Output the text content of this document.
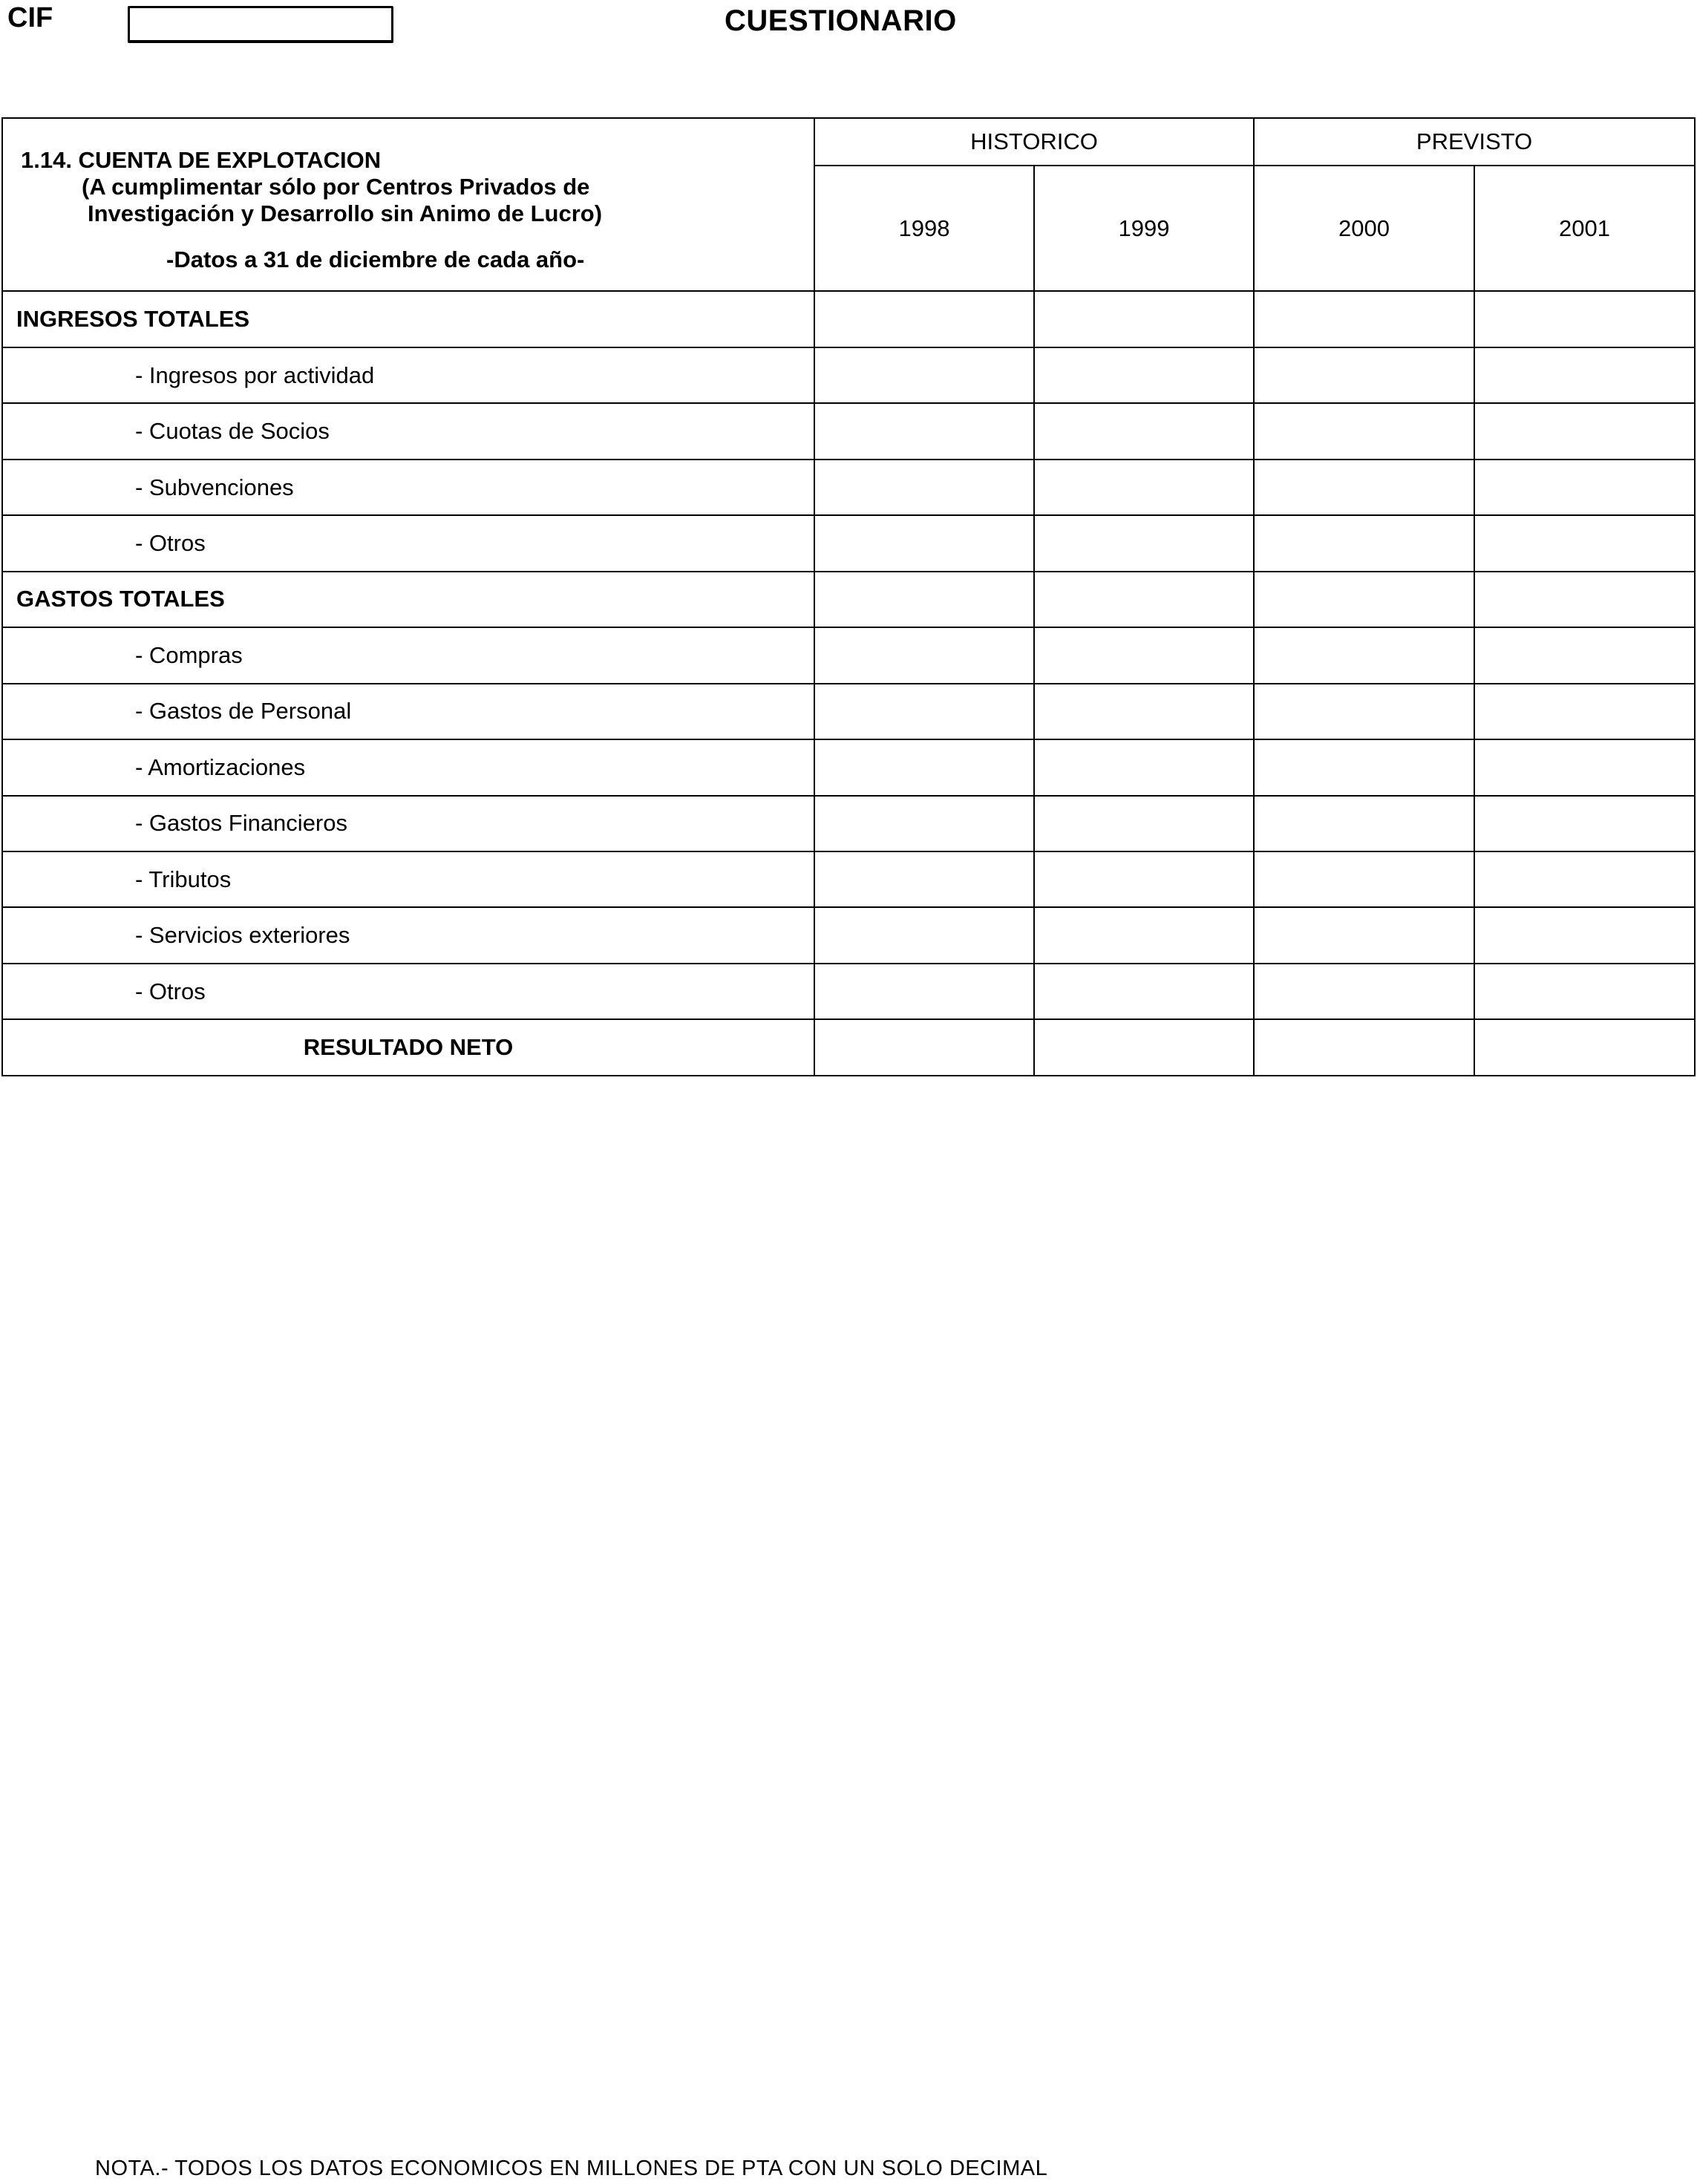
CIF	CUESTIONARIO
1.14. CUENTA DE EXPLOTACION
(A cumplimentar sólo por Centros Privados de
Investigación y Desarrollo sin Animo de Lucro)
-Datos a 31 de diciembre de cada año-	HISTORICO		PREVISTO	
	1998	1999	2000	2001
INGRESOS TOTALES				
- Ingresos por actividad				
- Cuotas de Socios				
- Subvenciones				
- Otros				
GASTOS TOTALES				
- Compras				
- Gastos de Personal				
- Amortizaciones				
- Gastos Financieros				
- Tributos				
- Servicios exteriores				
- Otros				
RESULTADO NETO				
NOTA.- TODOS LOS DATOS ECONOMICOS EN MILLONES DE PTA CON UN SOLO DECIMAL
